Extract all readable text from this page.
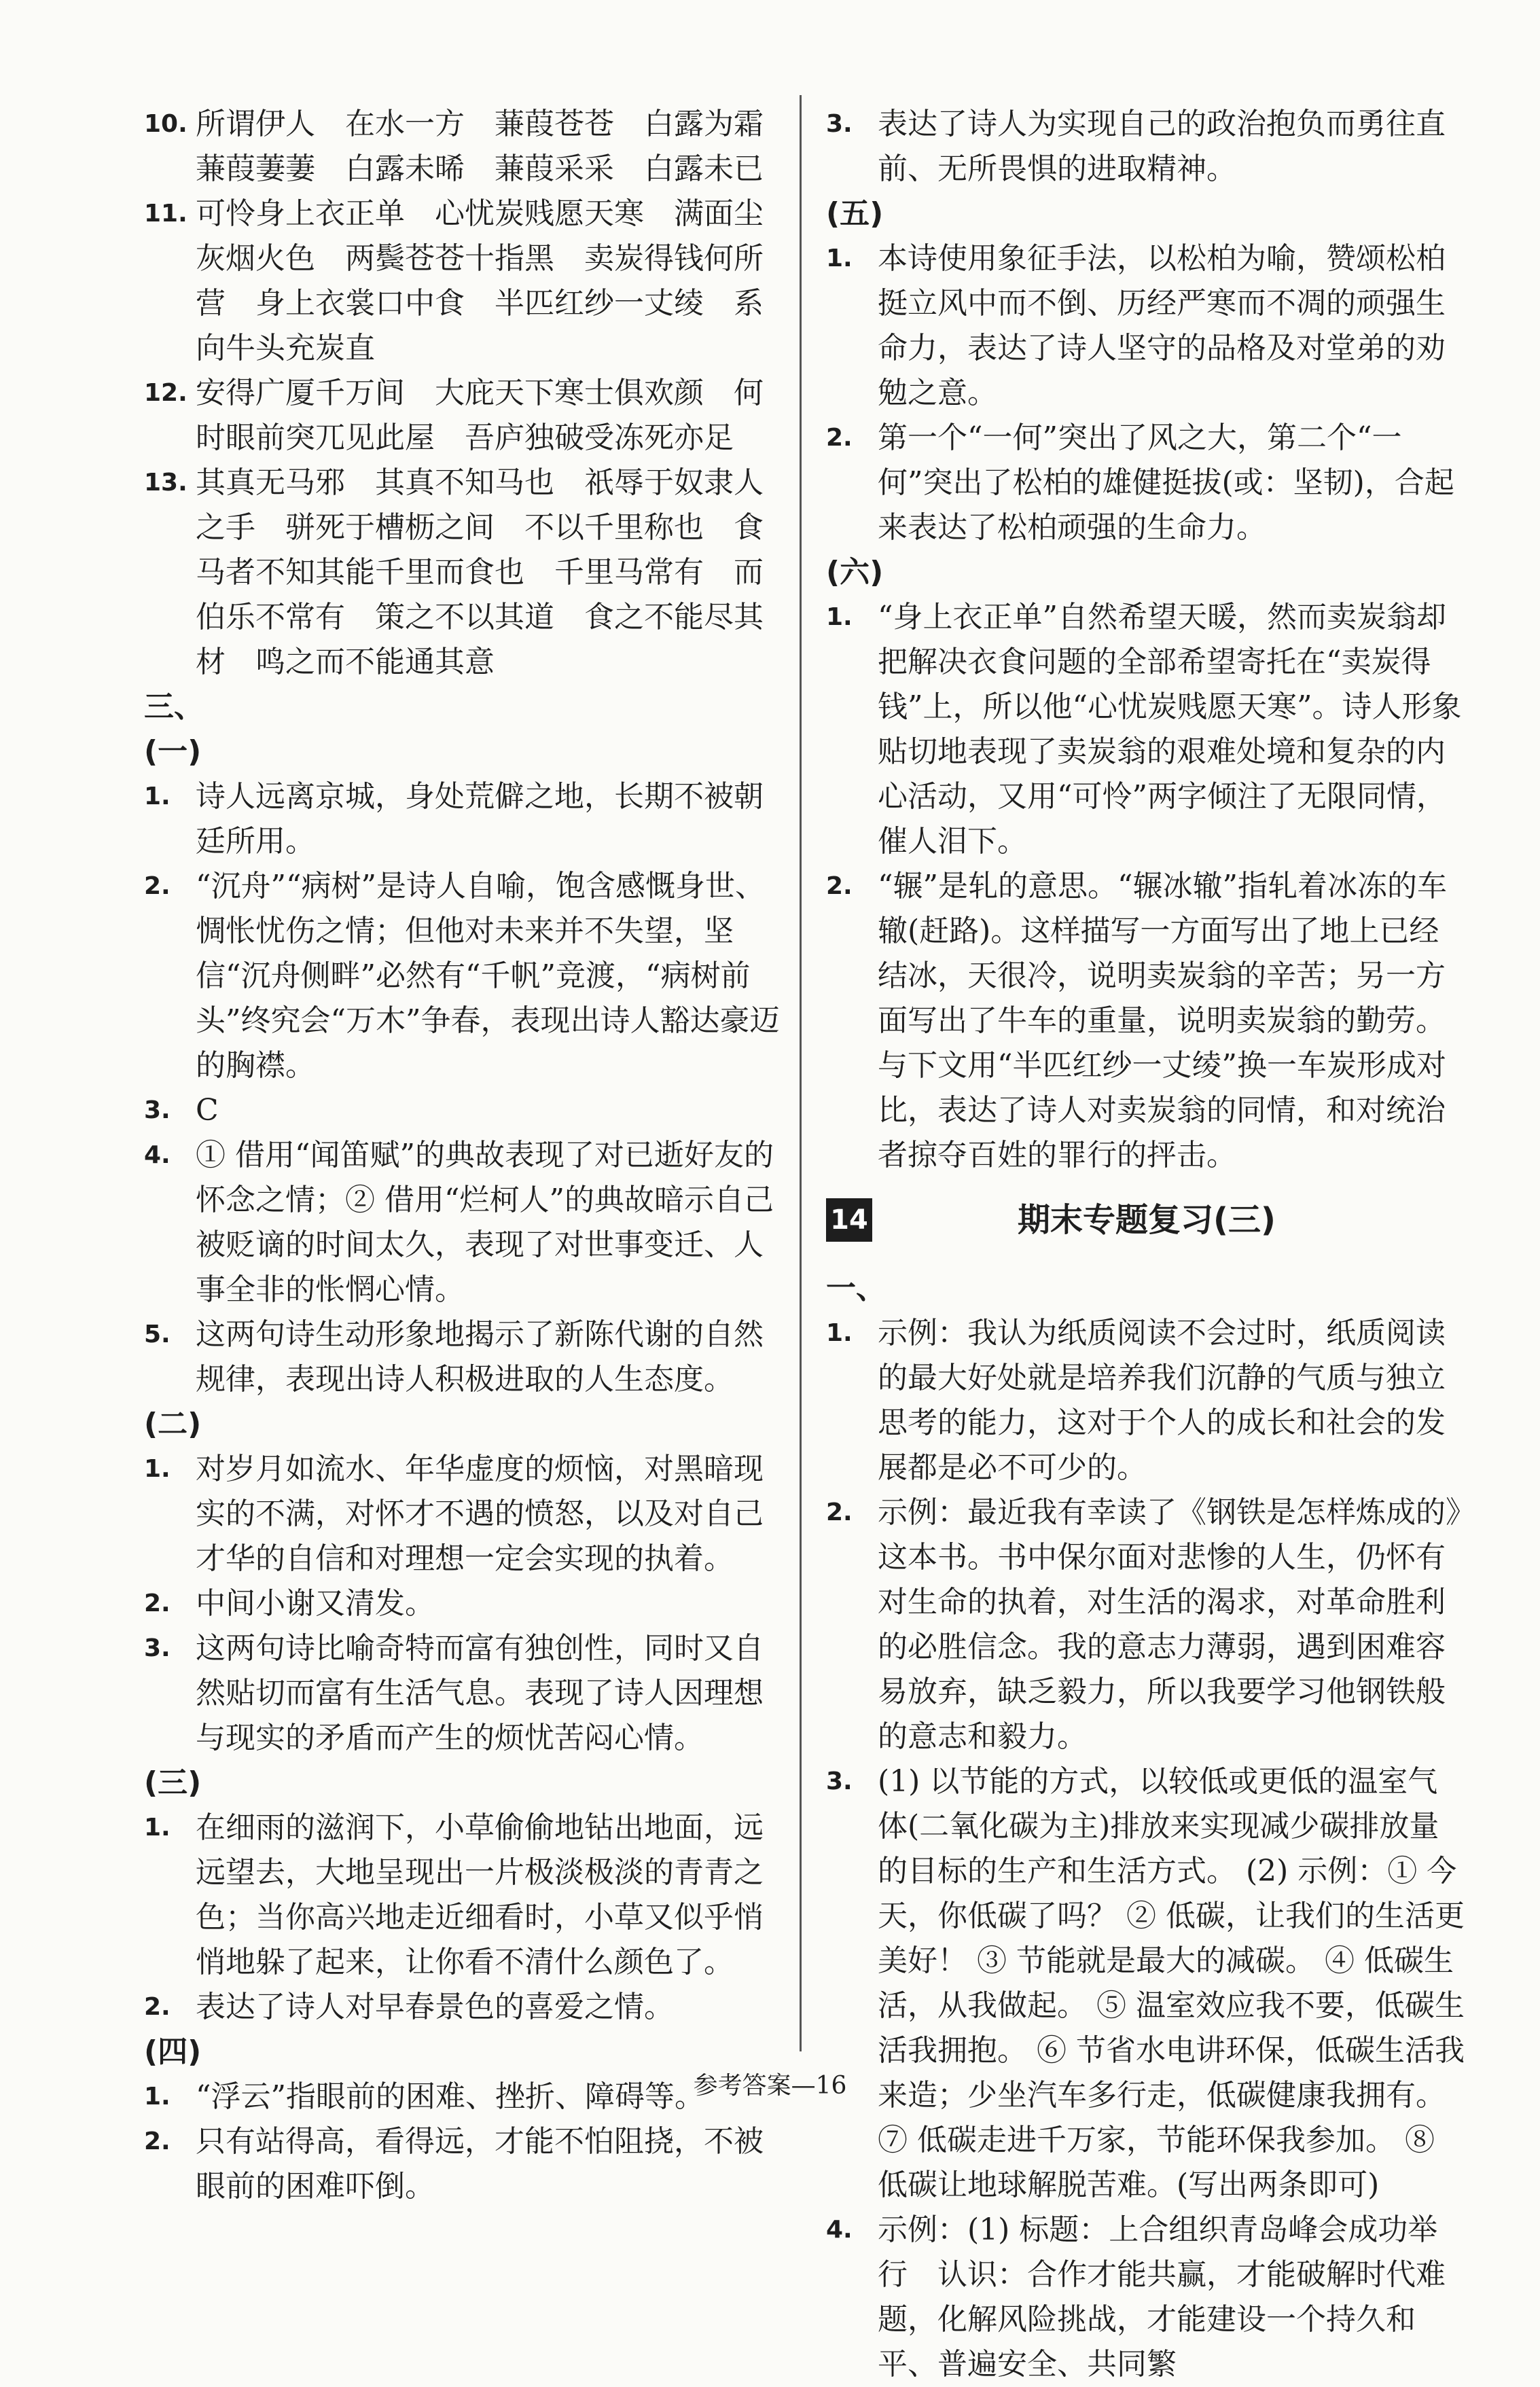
10. 所谓伊人　在水一方　蒹葭苍苍　白露为霜　蒹葭萋萋　白露未晞　蒹葭采采　白露未已
11. 可怜身上衣正单　心忧炭贱愿天寒　满面尘灰烟火色　两鬓苍苍十指黑　卖炭得钱何所营　身上衣裳口中食　半匹红纱一丈绫　系向牛头充炭直
12. 安得广厦千万间　大庇天下寒士俱欢颜　何时眼前突兀见此屋　吾庐独破受冻死亦足
13. 其真无马邪　其真不知马也　祇辱于奴隶人之手　骈死于槽枥之间　不以千里称也　食马者不知其能千里而食也　千里马常有　而伯乐不常有　策之不以其道　食之不能尽其材　鸣之而不能通其意
三、
(一)
1. 诗人远离京城，身处荒僻之地，长期不被朝廷所用。
2. “沉舟”“病树”是诗人自喻，饱含感慨身世、惆怅忧伤之情；但他对未来并不失望，坚信“沉舟侧畔”必然有“千帆”竞渡，“病树前头”终究会“万木”争春，表现出诗人豁达豪迈的胸襟。
3. C
4. ① 借用“闻笛赋”的典故表现了对已逝好友的怀念之情；② 借用“烂柯人”的典故暗示自己被贬谪的时间太久，表现了对世事变迁、人事全非的怅惘心情。
5. 这两句诗生动形象地揭示了新陈代谢的自然规律，表现出诗人积极进取的人生态度。
(二)
1. 对岁月如流水、年华虚度的烦恼，对黑暗现实的不满，对怀才不遇的愤怒，以及对自己才华的自信和对理想一定会实现的执着。
2. 中间小谢又清发。
3. 这两句诗比喻奇特而富有独创性，同时又自然贴切而富有生活气息。表现了诗人因理想与现实的矛盾而产生的烦忧苦闷心情。
(三)
1. 在细雨的滋润下，小草偷偷地钻出地面，远远望去，大地呈现出一片极淡极淡的青青之色；当你高兴地走近细看时，小草又似乎悄悄地躲了起来，让你看不清什么颜色了。
2. 表达了诗人对早春景色的喜爱之情。
(四)
1. “浮云”指眼前的困难、挫折、障碍等。
2. 只有站得高，看得远，才能不怕阻挠，不被眼前的困难吓倒。
3. 表达了诗人为实现自己的政治抱负而勇往直前、无所畏惧的进取精神。
(五)
1. 本诗使用象征手法，以松柏为喻，赞颂松柏挺立风中而不倒、历经严寒而不凋的顽强生命力，表达了诗人坚守的品格及对堂弟的劝勉之意。
2. 第一个“一何”突出了风之大，第二个“一何”突出了松柏的雄健挺拔(或：坚韧)，合起来表达了松柏顽强的生命力。
(六)
1. “身上衣正单”自然希望天暖，然而卖炭翁却把解决衣食问题的全部希望寄托在“卖炭得钱”上，所以他“心忧炭贱愿天寒”。诗人形象贴切地表现了卖炭翁的艰难处境和复杂的内心活动，又用“可怜”两字倾注了无限同情，催人泪下。
2. “辗”是轧的意思。“辗冰辙”指轧着冰冻的车辙(赶路)。这样描写一方面写出了地上已经结冰，天很冷，说明卖炭翁的辛苦；另一方面写出了牛车的重量，说明卖炭翁的勤劳。与下文用“半匹红纱一丈绫”换一车炭形成对比，表达了诗人对卖炭翁的同情，和对统治者掠夺百姓的罪行的抨击。
14	期末专题复习(三)
一、
1. 示例：我认为纸质阅读不会过时，纸质阅读的最大好处就是培养我们沉静的气质与独立思考的能力，这对于个人的成长和社会的发展都是必不可少的。
2. 示例：最近我有幸读了《钢铁是怎样炼成的》这本书。书中保尔面对悲惨的人生，仍怀有对生命的执着，对生活的渴求，对革命胜利的必胜信念。我的意志力薄弱，遇到困难容易放弃，缺乏毅力，所以我要学习他钢铁般的意志和毅力。
3. (1) 以节能的方式，以较低或更低的温室气体(二氧化碳为主)排放来实现减少碳排放量的目标的生产和生活方式。 (2) 示例：① 今天，你低碳了吗？ ② 低碳，让我们的生活更美好！ ③ 节能就是最大的减碳。 ④ 低碳生活，从我做起。 ⑤ 温室效应我不要，低碳生活我拥抱。 ⑥ 节省水电讲环保，低碳生活我来造；少坐汽车多行走，低碳健康我拥有。 ⑦ 低碳走进千万家，节能环保我参加。 ⑧ 低碳让地球解脱苦难。(写出两条即可)
4. 示例：(1) 标题：上合组织青岛峰会成功举行　认识：合作才能共赢，才能破解时代难题，化解风险挑战，才能建设一个持久和平、普遍安全、共同繁
参考答案—16
